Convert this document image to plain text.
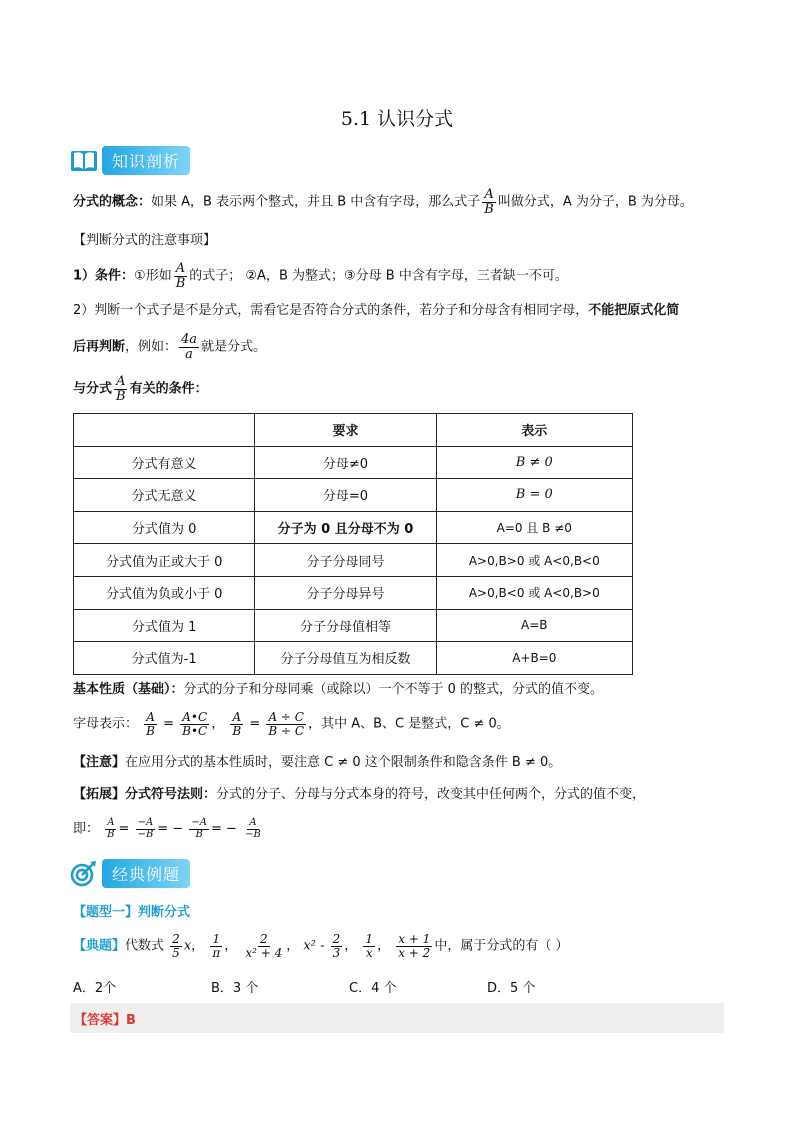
5.1 认识分式
知识剖析
分式的概念：如果 A，B 表示两个整式，并且 B 中含有字母，那么式子 $\frac{A}{B}$ 叫做分式，A 为分子，B 为分母。
【判断分式的注意事项】
1）条件：①形如 $\frac{A}{B}$ 的式子； ②A，B 为整式；③分母 B 中含有字母，三者缺一不可。
2）判断一个式子是不是分式，需看它是否符合分式的条件，若分子和分母含有相同字母，不能把原式化简
后再判断，例如： $\frac{4a}{a}$ 就是分式。
与分式 $\frac{A}{B}$ 有关的条件：
	要求	表示
分式有意义	分母≠0	B ≠ 0
分式无意义	分母=0	B = 0
分式值为 0	分子为 0 且分母不为 0	A=0 且 B ≠0
分式值为正或大于 0	分子分母同号	A>0,B>0 或 A<0,B<0
分式值为负或小于 0	分子分母异号	A>0,B<0 或 A<0,B>0
分式值为 1	分子分母值相等	A=B
分式值为-1	分子分母值互为相反数	A+B=0
基本性质（基础）：分式的分子和分母同乘（或除以）一个不等于 0 的整式，分式的值不变。
字母表示： $\frac{A}{B} = \frac{A•C}{B•C}$ ， $\frac{A}{B} = \frac{A \div C}{B \div C}$ ，其中 A、B、C 是整式，C ≠ 0。
【注意】在应用分式的基本性质时，要注意 C ≠ 0 这个限制条件和隐含条件 B ≠ 0。
【拓展】分式符号法则：分式的分子、分母与分式本身的符号，改变其中任何两个，分式的值不变，
即： $\frac{A}{B} = \frac{-A}{-B}$ = − $\frac{-A}{B}$ = − $\frac{A}{-B}$
经典例题
【题型一】判断分式
【典题】代数式 $\frac{2}{5}$ x， $\frac{1}{\pi}$ ， $\frac{2}{\text{x² + 4}}$ ， $x^2 - \frac{2}{3}$ ， $\frac{1}{x}$ ， $\frac{x + 1}{x + 2}$ 中，属于分式的有（ ）
A．2个	B．3 个	C．4 个	D．5 个
【答案】B
